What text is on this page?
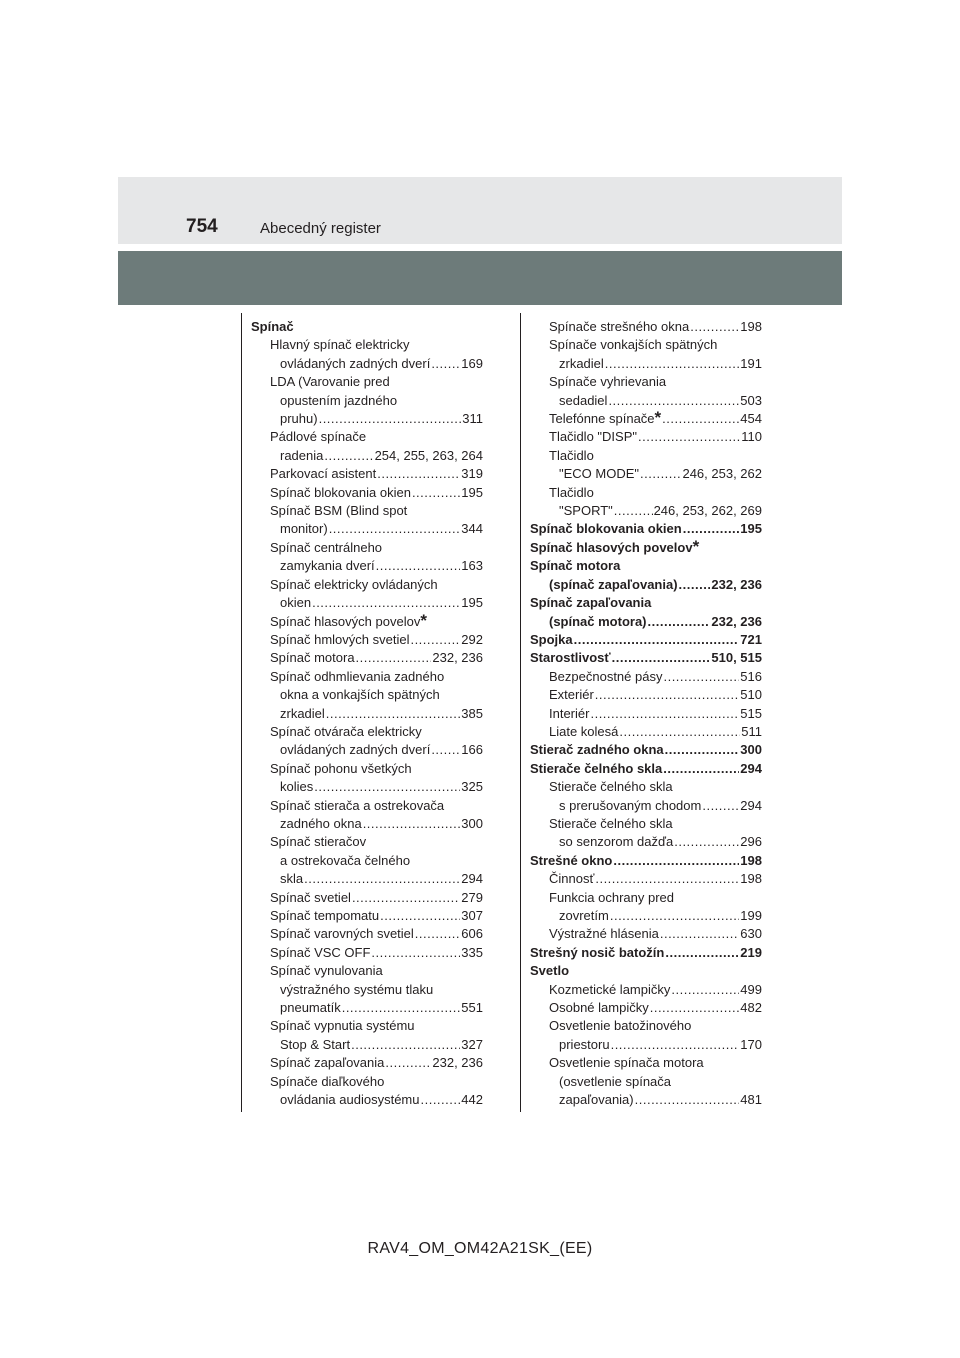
754	Abecedný register
Spínač
Hlavný spínač elektricky
ovládaných zadných dverí ..... 169
LDA (Varovanie pred
opustením jazdného
pruhu) .....	311
Pádlové spínače
radenia .....	254, 255, 263, 264
Parkovací asistent .....	319
Spínač blokovania okien .....	195
Spínač BSM (Blind spot
monitor) .....	344
Spínač centrálneho
zamykania dverí .....	163
Spínač elektricky ovládaných
okien .....	195
Spínač hlasových povelov *
Spínač hmlových svetiel .....	292
Spínač motora .....	232, 236
Spínač odhmlievania zadného
okna a vonkajších spätných
zrkadiel .....	385
Spínač otvárača elektricky
ovládaných zadných dverí ..... 166
Spínač pohonu všetkých
kolies .....	325
Spínač stierača a ostrekovača
zadného okna .....	300
Spínač stieračov
a ostrekovača čelného
skla .....	294
Spínač svetiel .....	279
Spínač tempomatu .....	307
Spínač varovných svetiel .....	606
Spínač VSC OFF .....	335
Spínač vynulovania
výstražného systému tlaku
pneumatík .....	551
Spínač vypnutia systému
Stop & Start .....	327
Spínač zapaľovania .....	232, 236
Spínače diaľkového
ovládania audiosystému .....	442
Spínače strešného okna .....	198
Spínače vonkajších spätných
zrkadiel .....	191
Spínače vyhrievania
sedadiel .....	503
Telefónne spínače * .....	454
Tlačidlo "DISP" .....	110
Tlačidlo
"ECO MODE" .....	246, 253, 262
Tlačidlo
"SPORT" .....	246, 253, 262, 269
Spínač blokovania okien .....	195
Spínač hlasových povelov *
Spínač motora
(spínač zapaľovania) .....	232, 236
Spínač zapaľovania
(spínač motora) .....	232, 236
Spojka .....	721
Starostlivosť .....	510, 515
Bezpečnostné pásy .....	516
Exteriér .....	510
Interiér .....	515
Liate kolesá .....	511
Stierač zadného okna .....	300
Stierače čelného skla .....	294
Stierače čelného skla
s prerušovaným chodom .....	294
Stierače čelného skla
so senzorom dažďa .....	296
Strešné okno .....	198
Činnosť .....	198
Funkcia ochrany pred
zovretím .....	199
Výstražné hlásenia .....	630
Strešný nosič batožín .....	219
Svetlo
Kozmetické lampičky .....	499
Osobné lampičky .....	482
Osvetlenie batožinového
priestoru .....	170
Osvetlenie spínača motora
(osvetlenie spínača
zapaľovania) .....	481
RAV4_OM_OM42A21SK_(EE)
